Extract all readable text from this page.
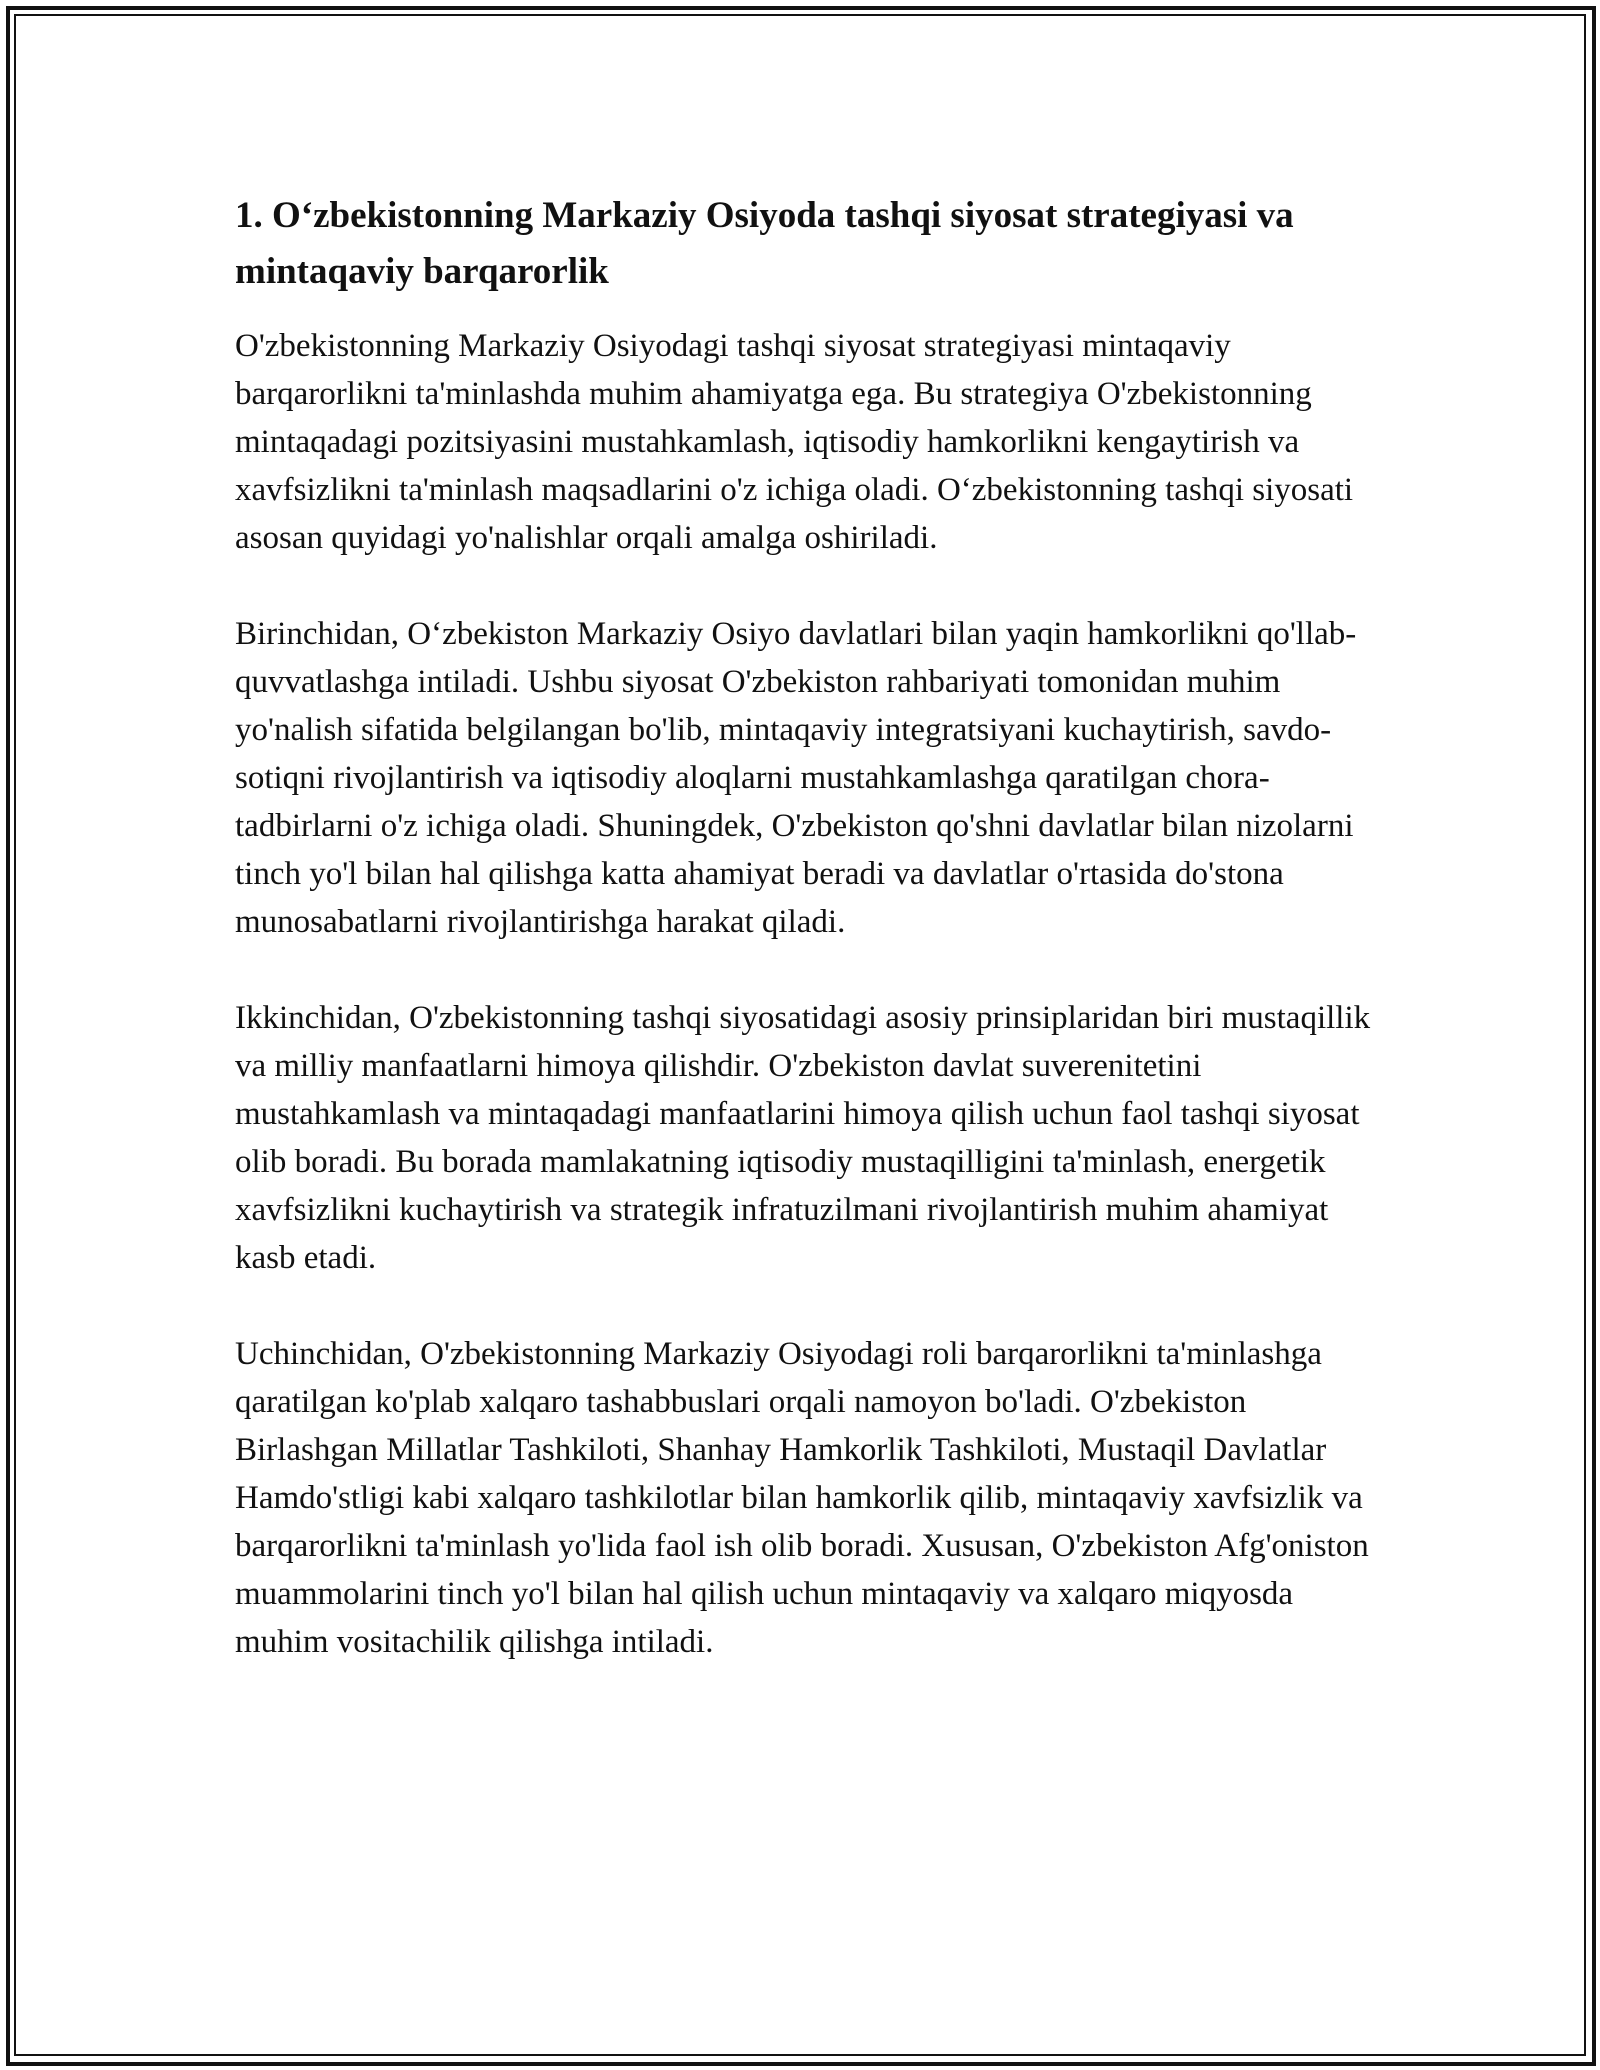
1. O‘zbekistonning Markaziy Osiyoda tashqi siyosat strategiyasi va mintaqaviy barqarorlik

O'zbekistonning Markaziy Osiyodagi tashqi siyosat strategiyasi mintaqaviy barqarorlikni ta'minlashda muhim ahamiyatga ega. Bu strategiya O'zbekistonning mintaqadagi pozitsiyasini mustahkamlash, iqtisodiy hamkorlikni kengaytirish va xavfsizlikni ta'minlash maqsadlarini o'z ichiga oladi. O‘zbekistonning tashqi siyosati asosan quyidagi yo'nalishlar orqali amalga oshiriladi.

Birinchidan, O‘zbekiston Markaziy Osiyo davlatlari bilan yaqin hamkorlikni qo'llab-quvvatlashga intiladi. Ushbu siyosat O'zbekiston rahbariyati tomonidan muhim yo'nalish sifatida belgilangan bo'lib, mintaqaviy integratsiyani kuchaytirish, savdo-sotiqni rivojlantirish va iqtisodiy aloqlarni mustahkamlashga qaratilgan chora-tadbirlarni o'z ichiga oladi. Shuningdek, O'zbekiston qo'shni davlatlar bilan nizolarni tinch yo'l bilan hal qilishga katta ahamiyat beradi va davlatlar o'rtasida do'stona munosabatlarni rivojlantirishga harakat qiladi.

Ikkinchidan, O'zbekistonning tashqi siyosatidagi asosiy prinsiplaridan biri mustaqillik va milliy manfaatlarni himoya qilishdir. O'zbekiston davlat suverenitetini mustahkamlash va mintaqadagi manfaatlarini himoya qilish uchun faol tashqi siyosat olib boradi. Bu borada mamlakatning iqtisodiy mustaqilligini ta'minlash, energetik xavfsizlikni kuchaytirish va strategik infratuzilmani rivojlantirish muhim ahamiyat kasb etadi.

Uchinchidan, O'zbekistonning Markaziy Osiyodagi roli barqarorlikni ta'minlashga qaratilgan ko'plab xalqaro tashabbuslari orqali namoyon bo'ladi. O'zbekiston Birlashgan Millatlar Tashkiloti, Shanhay Hamkorlik Tashkiloti, Mustaqil Davlatlar Hamdo'stligi kabi xalqaro tashkilotlar bilan hamkorlik qilib, mintaqaviy xavfsizlik va barqarorlikni ta'minlash yo'lida faol ish olib boradi. Xususan, O'zbekiston Afg'oniston muammolarini tinch yo'l bilan hal qilish uchun mintaqaviy va xalqaro miqyosda muhim vositachilik qilishga intiladi.
